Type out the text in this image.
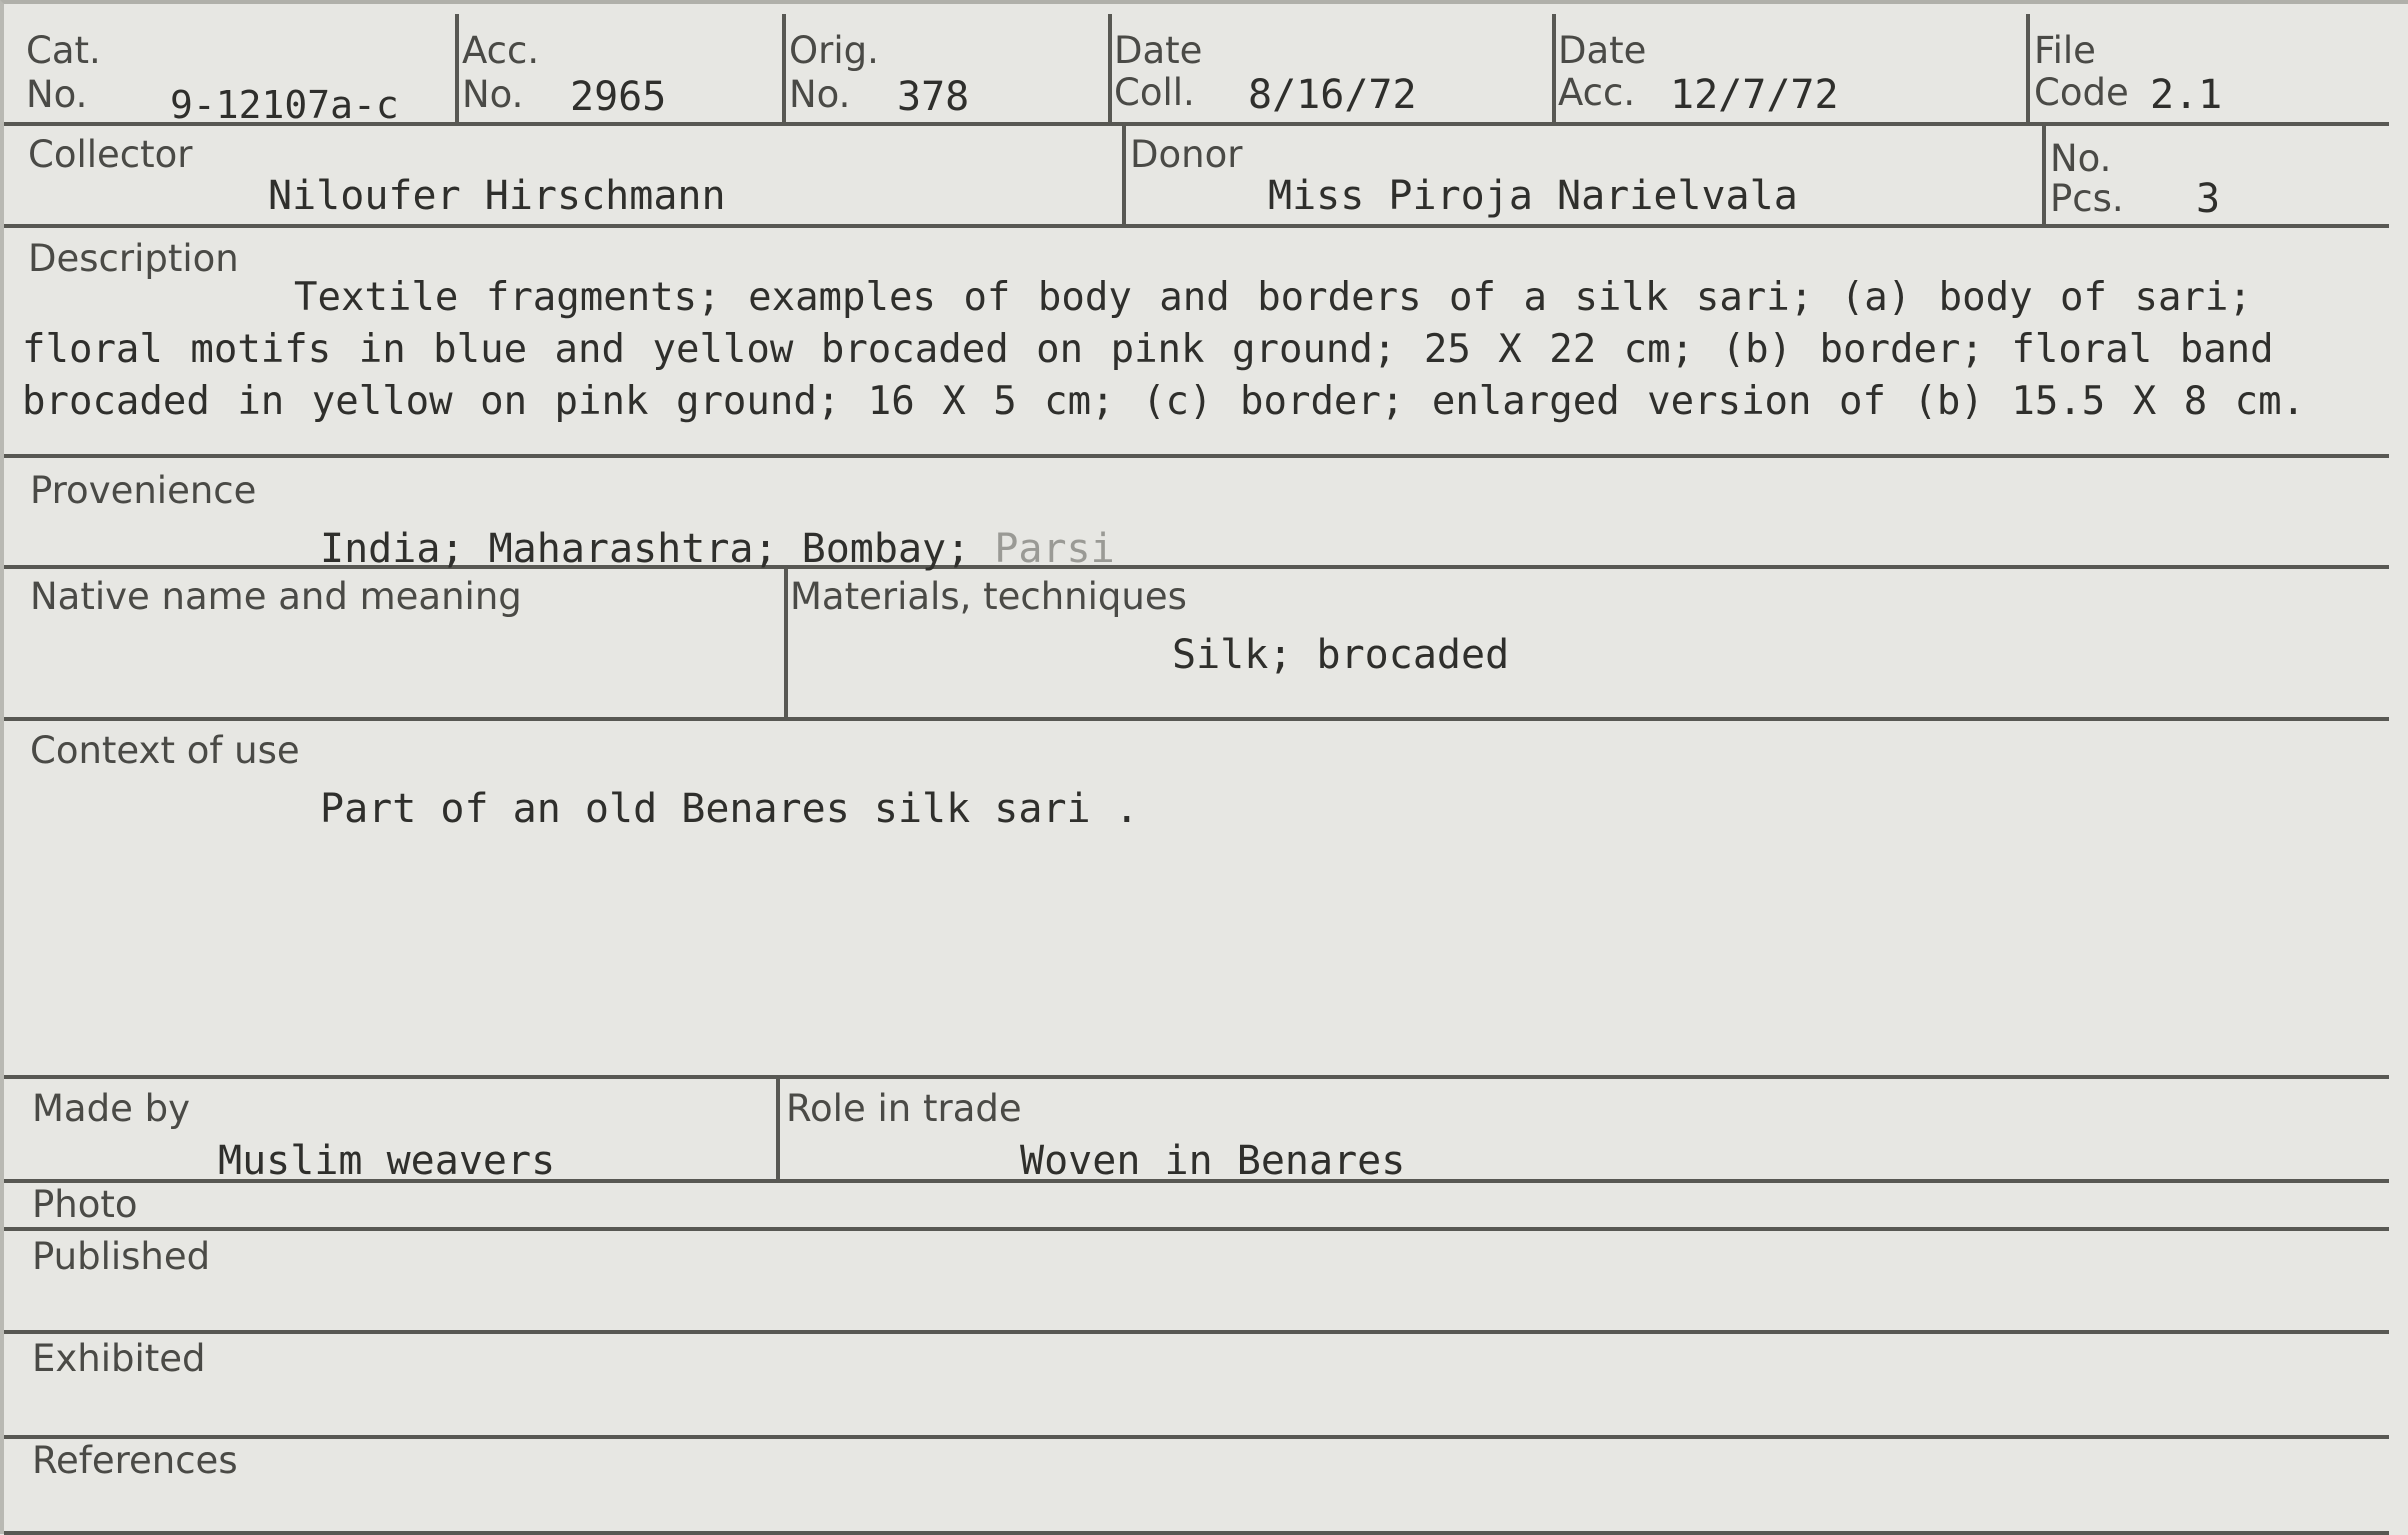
Cat.
No. 9-12107a-c
Acc.
No. 2965
Orig.
No. 378
Date
Coll. 8/16/72
Date
Acc. 12/7/72
File
Code 2.1
Collector
Niloufer Hirschmann
Donor
Miss Piroja Narielvala
No.
Pcs. 3
Description
Textile fragments; examples of body and borders of a silk sari; (a) body of sari; floral motifs in blue and yellow brocaded on pink ground; 25 X 22 cm; (b) border; floral band brocaded in yellow on pink ground; 16 X 5 cm; (c) border; enlarged version of (b) 15.5 X 8 cm.
Provenience
India; Maharashtra; Bombay; Parsi
Native name and meaning	Materials, techniques
Silk; brocaded
Context of use
Part of an old Benares silk sari .
Made by
Muslim weavers
Role in trade
Woven in Benares
Photo
Published
Exhibited
References
